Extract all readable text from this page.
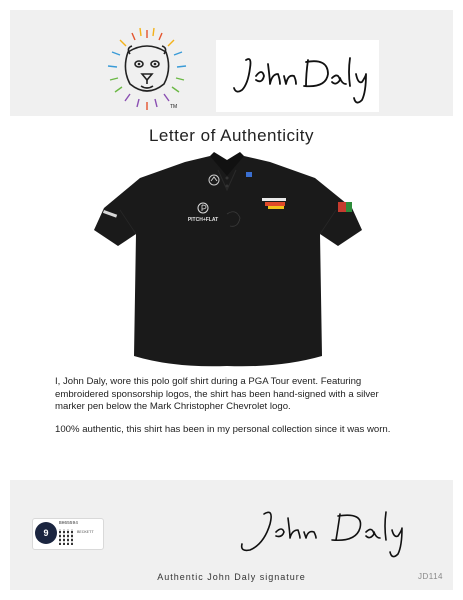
TM
Letter of Authenticity
PITCH+FLAT

I, John Daly, wore this polo golf shirt during a PGA Tour event. Featuring embroidered sponsorship logos, the shirt has been hand-signed with a silver marker pen below the Mark Christopher Chevrolet logo.

100% authentic, this shirt has been in my personal collection since it was worn.

9
BH65594
BECKETT
Authentic John Daly signature	JD114
